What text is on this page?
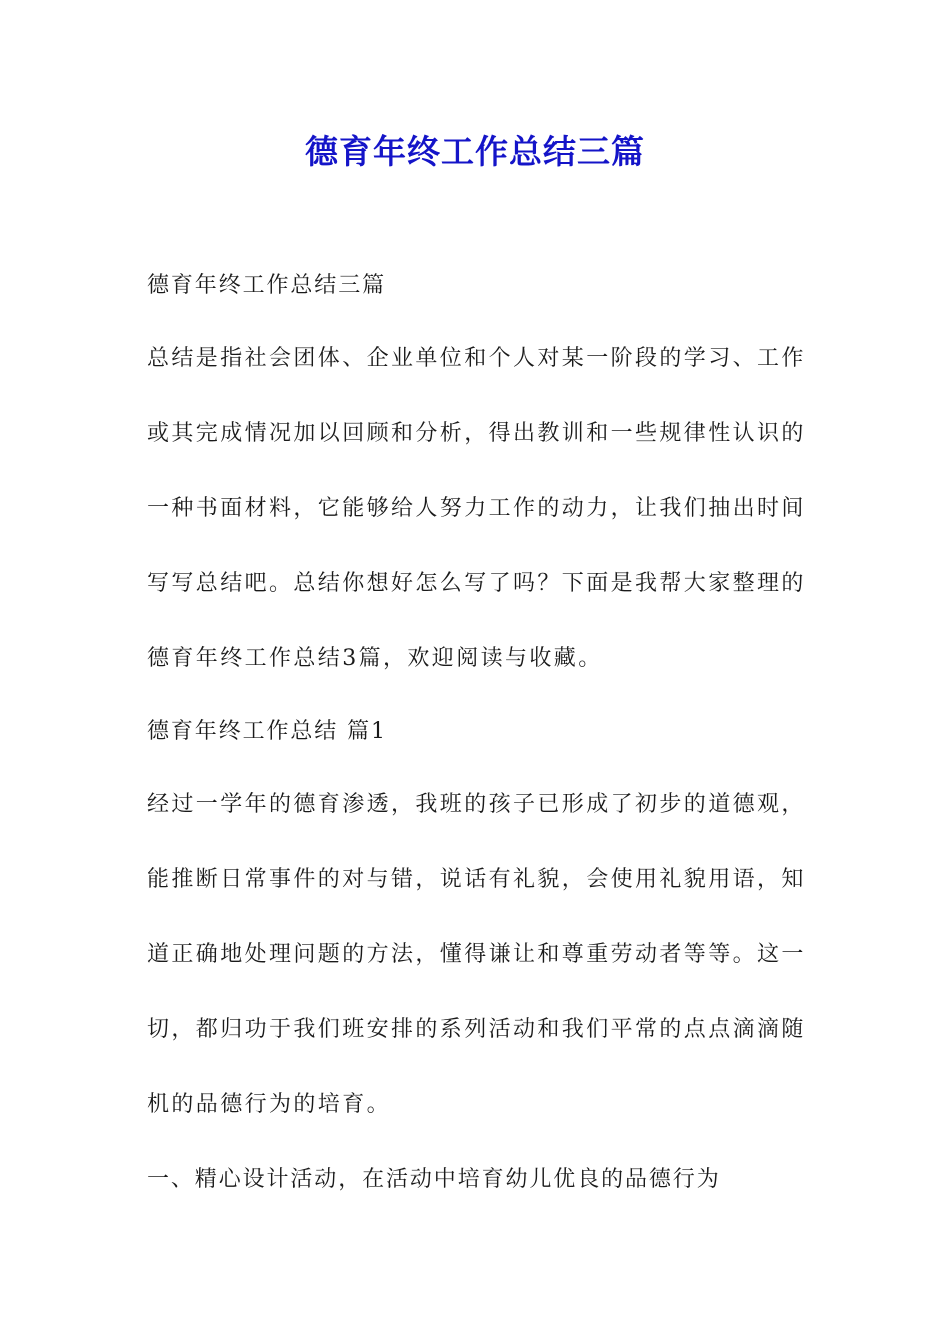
德育年终工作总结三篇
德育年终工作总结三篇
总结是指社会团体、企业单位和个人对某一阶段的学习、工作
或其完成情况加以回顾和分析，得出教训和一些规律性认识的
一种书面材料，它能够给人努力工作的动力，让我们抽出时间
写写总结吧。总结你想好怎么写了吗？下面是我帮大家整理的
德育年终工作总结3篇，欢迎阅读与收藏。
德育年终工作总结 篇1
经过一学年的德育渗透，我班的孩子已形成了初步的道德观，
能推断日常事件的对与错，说话有礼貌，会使用礼貌用语，知
道正确地处理问题的方法，懂得谦让和尊重劳动者等等。这一
切，都归功于我们班安排的系列活动和我们平常的点点滴滴随
机的品德行为的培育。
一、精心设计活动，在活动中培育幼儿优良的品德行为
